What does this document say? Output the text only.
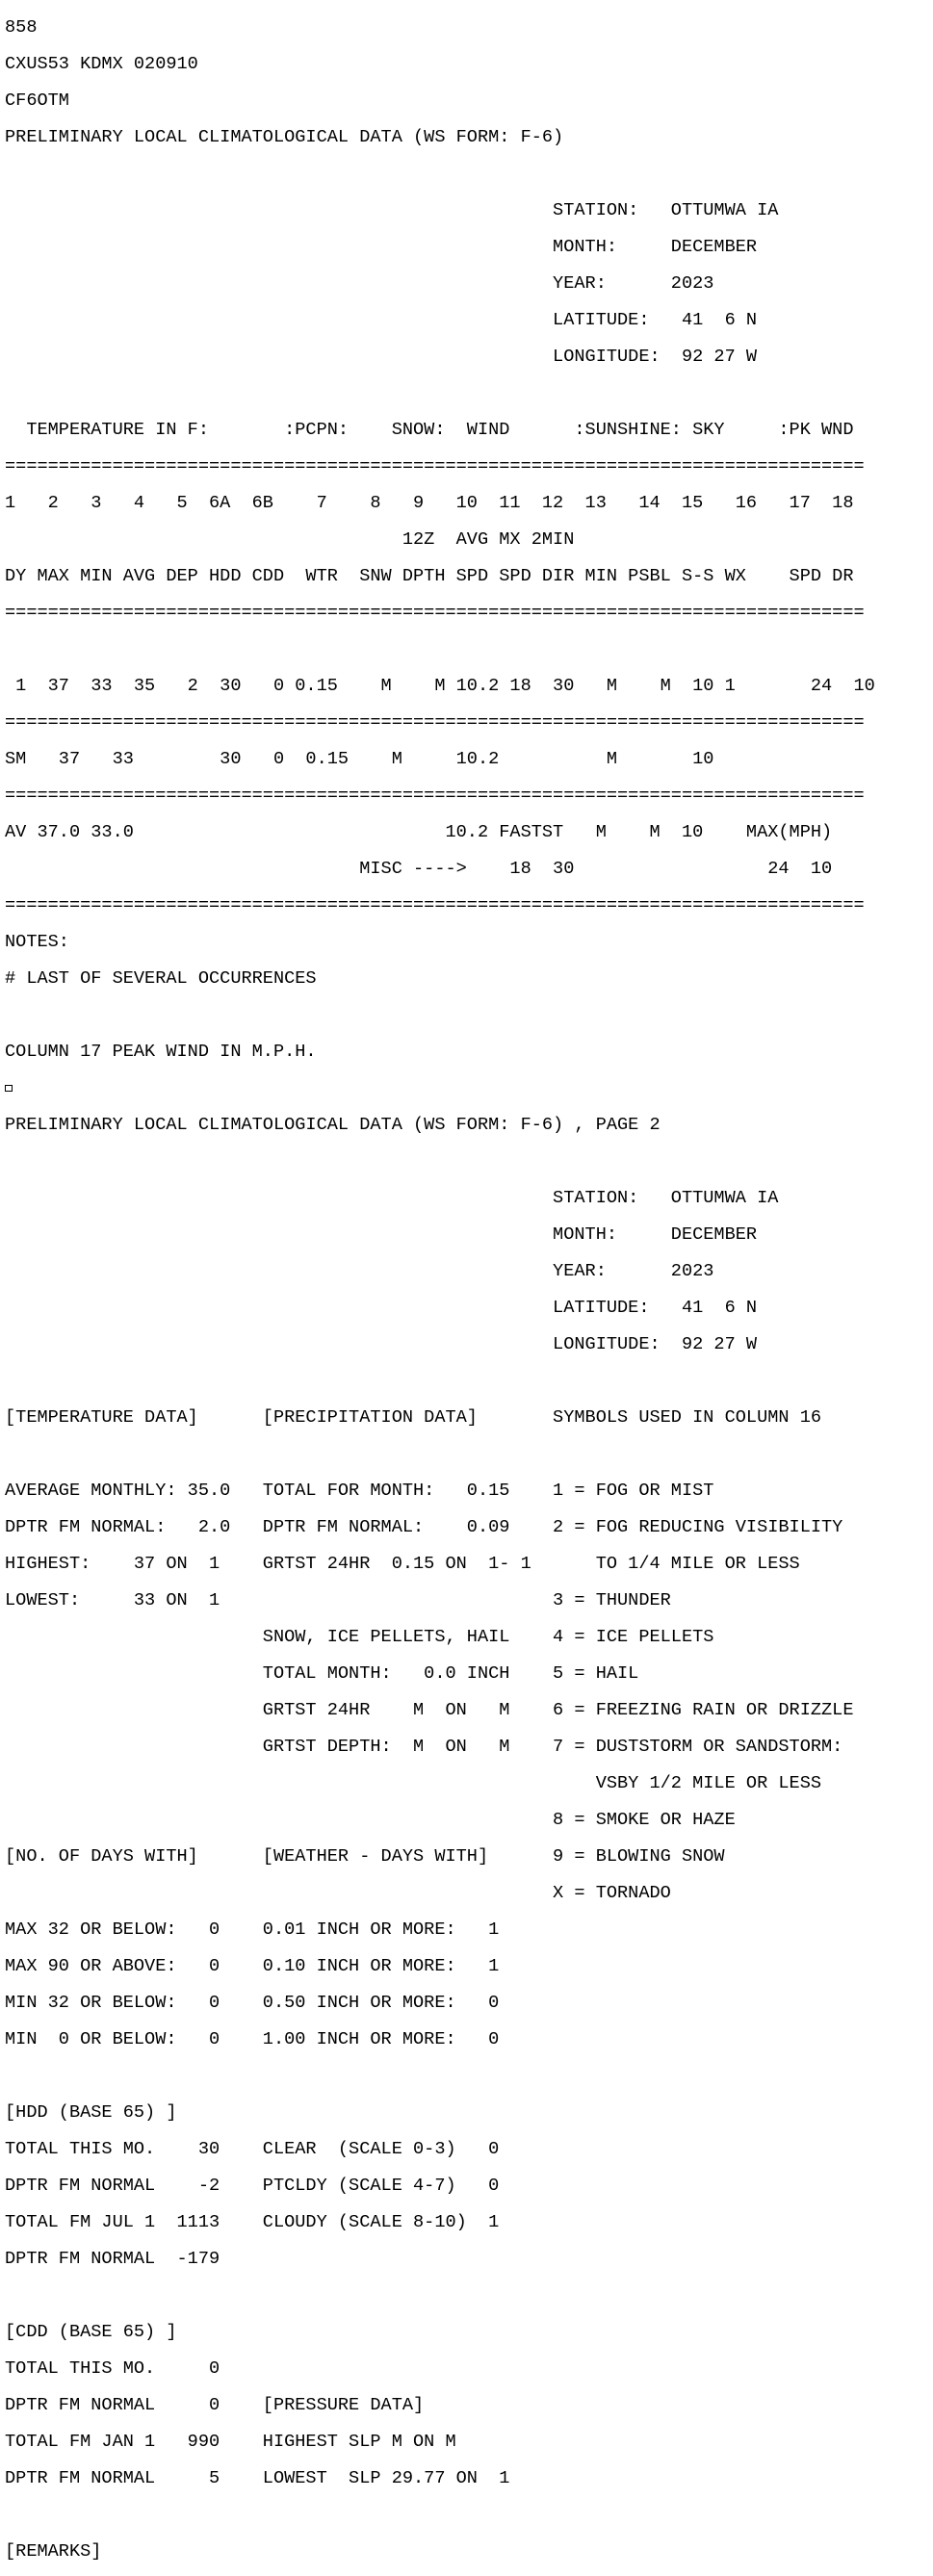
858

CXUS53 KDMX 020910

CF6OTM

PRELIMINARY LOCAL CLIMATOLOGICAL DATA (WS FORM: F-6)

STATION:   OTTUMWA IA

MONTH:     DECEMBER

YEAR:      2023

LATITUDE:   41  6 N

LONGITUDE:  92 27 W

TEMPERATURE IN F:       :PCPN:    SNOW:  WIND      :SUNSHINE: SKY     :PK WND

================================================================================

1   2   3   4   5  6A  6B    7    8   9   10  11  12  13   14  15   16   17  18

12Z  AVG MX 2MIN

DY MAX MIN AVG DEP HDD CDD  WTR  SNW DPTH SPD SPD DIR MIN PSBL S-S WX    SPD DR

================================================================================

1  37  33  35   2  30   0 0.15    M    M 10.2 18  30   M    M  10 1       24  10

================================================================================

SM   37   33        30   0  0.15    M     10.2          M       10

================================================================================

AV 37.0 33.0                             10.2 FASTST   M    M  10    MAX(MPH)

MISC ---->    18  30                  24  10

================================================================================

NOTES:

# LAST OF SEVERAL OCCURRENCES

COLUMN 17 PEAK WIND IN M.P.H.

PRELIMINARY LOCAL CLIMATOLOGICAL DATA (WS FORM: F-6) , PAGE 2

STATION:   OTTUMWA IA

MONTH:     DECEMBER

YEAR:      2023

LATITUDE:   41  6 N

LONGITUDE:  92 27 W

[TEMPERATURE DATA]      [PRECIPITATION DATA]       SYMBOLS USED IN COLUMN 16

AVERAGE MONTHLY: 35.0   TOTAL FOR MONTH:   0.15    1 = FOG OR MIST

DPTR FM NORMAL:   2.0   DPTR FM NORMAL:    0.09    2 = FOG REDUCING VISIBILITY

HIGHEST:    37 ON  1    GRTST 24HR  0.15 ON  1- 1      TO 1/4 MILE OR LESS

LOWEST:     33 ON  1                               3 = THUNDER

SNOW, ICE PELLETS, HAIL    4 = ICE PELLETS

TOTAL MONTH:   0.0 INCH    5 = HAIL

GRTST 24HR    M  ON   M    6 = FREEZING RAIN OR DRIZZLE

GRTST DEPTH:  M  ON   M    7 = DUSTSTORM OR SANDSTORM:

VSBY 1/2 MILE OR LESS

8 = SMOKE OR HAZE

[NO. OF DAYS WITH]      [WEATHER - DAYS WITH]      9 = BLOWING SNOW

X = TORNADO

MAX 32 OR BELOW:   0    0.01 INCH OR MORE:   1

MAX 90 OR ABOVE:   0    0.10 INCH OR MORE:   1

MIN 32 OR BELOW:   0    0.50 INCH OR MORE:   0

MIN  0 OR BELOW:   0    1.00 INCH OR MORE:   0

[HDD (BASE 65) ]

TOTAL THIS MO.    30    CLEAR  (SCALE 0-3)   0

DPTR FM NORMAL    -2    PTCLDY (SCALE 4-7)   0

TOTAL FM JUL 1  1113    CLOUDY (SCALE 8-10)  1

DPTR FM NORMAL  -179

[CDD (BASE 65) ]

TOTAL THIS MO.     0

DPTR FM NORMAL     0    [PRESSURE DATA]

TOTAL FM JAN 1   990    HIGHEST SLP M ON M

DPTR FM NORMAL     5    LOWEST  SLP 29.77 ON  1

[REMARKS]
